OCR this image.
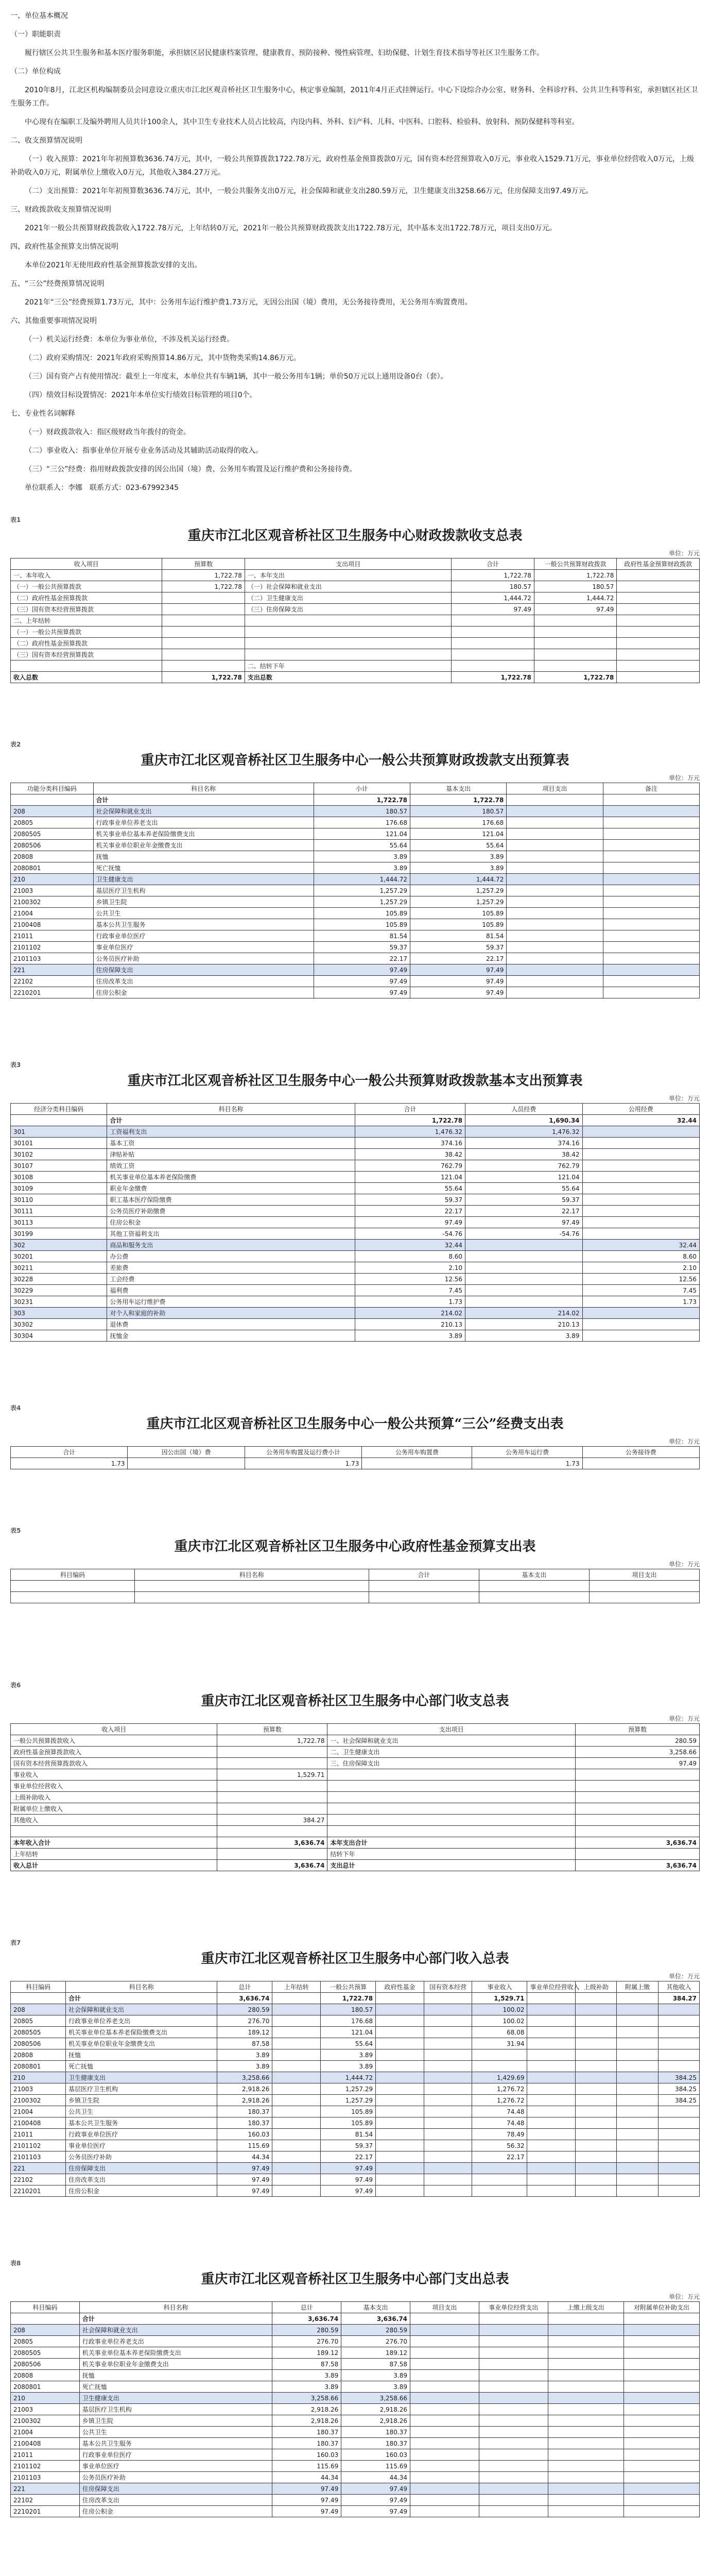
一、单位基本概况

（一）职能职责

履行辖区公共卫生服务和基本医疗服务职能，承担辖区居民健康档案管理、健康教育、预防接种、慢性病管理、妇幼保健、计划生育技术指导等社区卫生服务工作。

（二）单位构成

2010年8月，江北区机构编制委员会同意设立重庆市江北区观音桥社区卫生服务中心，核定事业编制，2011年4月正式挂牌运行。中心下设综合办公室、财务科、全科诊疗科、公共卫生科等科室，承担辖区社区卫生服务工作。

中心现有在编职工及编外聘用人员共计100余人，其中卫生专业技术人员占比较高，内设内科、外科、妇产科、儿科、中医科、口腔科、检验科、放射科、预防保健科等科室。

二、收支预算情况说明

（一）收入预算：2021年年初预算数3636.74万元，其中，一般公共预算拨款1722.78万元，政府性基金预算拨款0万元，国有资本经营预算收入0万元，事业收入1529.71万元，事业单位经营收入0万元，上级补助收入0万元，附属单位上缴收入0万元，其他收入384.27万元。

（二）支出预算：2021年年初预算数3636.74万元，其中，一般公共服务支出0万元，社会保障和就业支出280.59万元，卫生健康支出3258.66万元，住房保障支出97.49万元。

三、财政拨款收支预算情况说明

2021年一般公共预算财政拨款收入1722.78万元，上年结转0万元，2021年一般公共预算财政拨款支出1722.78万元，其中基本支出1722.78万元，项目支出0万元。

四、政府性基金预算支出情况说明

本单位2021年无使用政府性基金预算拨款安排的支出。

五、“三公”经费预算情况说明

2021年“三公”经费预算1.73万元，其中：公务用车运行维护费1.73万元，无因公出国（境）费用，无公务接待费用，无公务用车购置费用。

六、其他重要事项情况说明

（一）机关运行经费：本单位为事业单位，不涉及机关运行经费。

（二）政府采购情况：2021年政府采购预算14.86万元，其中货物类采购14.86万元。

（三）国有资产占有使用情况：截至上一年度末，本单位共有车辆1辆，其中一般公务用车1辆；单价50万元以上通用设备0台（套）。

（四）绩效目标设置情况：2021年本单位实行绩效目标管理的项目0个。

七、专业性名词解释

（一）财政拨款收入：指区级财政当年拨付的资金。

（二）事业收入：指事业单位开展专业业务活动及其辅助活动取得的收入。

（三）“三公”经费：指用财政拨款安排的因公出国（境）费、公务用车购置及运行维护费和公务接待费。

单位联系人：李娜　联系方式：023-67992345

表1
重庆市江北区观音桥社区卫生服务中心财政拨款收支总表
单位：万元
收入项目	预算数	支出项目	合计	一般公共预算财政拨款	政府性基金预算财政拨款
一、本年收入	1,722.78	一、本年支出	1,722.78	1,722.78	
（一）一般公共预算拨款	1,722.78	（一）社会保障和就业支出	180.57	180.57	
（二）政府性基金预算拨款		（二）卫生健康支出	1,444.72	1,444.72	
（三）国有资本经营预算拨款		（三）住房保障支出	97.49	97.49	
二、上年结转					
（一）一般公共预算拨款					
（二）政府性基金预算拨款					
（三）国有资本经营预算拨款					
		二、结转下年			
收入总数	1,722.78	支出总数	1,722.78	1,722.78	
表2
重庆市江北区观音桥社区卫生服务中心一般公共预算财政拨款支出预算表
单位：万元
功能分类科目编码	科目名称	小计	基本支出	项目支出	备注
	合计	1,722.78	1,722.78		
208	社会保障和就业支出	180.57	180.57		
20805	行政事业单位养老支出	176.68	176.68		
2080505	机关事业单位基本养老保险缴费支出	121.04	121.04		
2080506	机关事业单位职业年金缴费支出	55.64	55.64		
20808	抚恤	3.89	3.89		
2080801	死亡抚恤	3.89	3.89		
210	卫生健康支出	1,444.72	1,444.72		
21003	基层医疗卫生机构	1,257.29	1,257.29		
2100302	乡镇卫生院	1,257.29	1,257.29		
21004	公共卫生	105.89	105.89		
2100408	基本公共卫生服务	105.89	105.89		
21011	行政事业单位医疗	81.54	81.54		
2101102	事业单位医疗	59.37	59.37		
2101103	公务员医疗补助	22.17	22.17		
221	住房保障支出	97.49	97.49		
22102	住房改革支出	97.49	97.49		
2210201	住房公积金	97.49	97.49		
表3
重庆市江北区观音桥社区卫生服务中心一般公共预算财政拨款基本支出预算表
单位：万元
经济分类科目编码	科目名称	合计	人员经费	公用经费
	合计	1,722.78	1,690.34	32.44
301	工资福利支出	1,476.32	1,476.32	
30101	基本工资	374.16	374.16	
30102	津贴补贴	38.42	38.42	
30107	绩效工资	762.79	762.79	
30108	机关事业单位基本养老保险缴费	121.04	121.04	
30109	职业年金缴费	55.64	55.64	
30110	职工基本医疗保险缴费	59.37	59.37	
30111	公务员医疗补助缴费	22.17	22.17	
30113	住房公积金	97.49	97.49	
30199	其他工资福利支出	-54.76	-54.76	
302	商品和服务支出	32.44		32.44
30201	办公费	8.60		8.60
30211	差旅费	2.10		2.10
30228	工会经费	12.56		12.56
30229	福利费	7.45		7.45
30231	公务用车运行维护费	1.73		1.73
303	对个人和家庭的补助	214.02	214.02	
30302	退休费	210.13	210.13	
30304	抚恤金	3.89	3.89	
表4
重庆市江北区观音桥社区卫生服务中心一般公共预算“三公”经费支出表
单位：万元
合计	因公出国（境）费	公务用车购置及运行费小计	公务用车购置费	公务用车运行费	公务接待费
1.73		1.73		1.73	
表5
重庆市江北区观音桥社区卫生服务中心政府性基金预算支出表
单位：万元
科目编码	科目名称	合计	基本支出	项目支出

表6
重庆市江北区观音桥社区卫生服务中心部门收支总表
单位：万元
收入项目	预算数	支出项目	预算数
一般公共预算拨款收入	1,722.78	一、社会保障和就业支出	280.59
政府性基金预算拨款收入		二、卫生健康支出	3,258.66
国有资本经营预算拨款收入		三、住房保障支出	97.49
事业收入	1,529.71		
事业单位经营收入			
上级补助收入			
附属单位上缴收入			
其他收入	384.27		

本年收入合计	3,636.74	本年支出合计	3,636.74
上年结转		结转下年	
收入总计	3,636.74	支出总计	3,636.74
表7
重庆市江北区观音桥社区卫生服务中心部门收入总表
单位：万元
科目编码	科目名称	总计	上年结转	一般公共预算	政府性基金	国有资本经营	事业收入	事业单位经营收入	上级补助	附属上缴	其他收入
	合计	3,636.74		1,722.78			1,529.71				384.27
208	社会保障和就业支出	280.59		180.57			100.02				
20805	行政事业单位养老支出	276.70		176.68			100.02				
2080505	机关事业单位基本养老保险缴费支出	189.12		121.04			68.08				
2080506	机关事业单位职业年金缴费支出	87.58		55.64			31.94				
20808	抚恤	3.89		3.89							
2080801	死亡抚恤	3.89		3.89							
210	卫生健康支出	3,258.66		1,444.72			1,429.69				384.25
21003	基层医疗卫生机构	2,918.26		1,257.29			1,276.72				384.25
2100302	乡镇卫生院	2,918.26		1,257.29			1,276.72				384.25
21004	公共卫生	180.37		105.89			74.48				
2100408	基本公共卫生服务	180.37		105.89			74.48				
21011	行政事业单位医疗	160.03		81.54			78.49				
2101102	事业单位医疗	115.69		59.37			56.32				
2101103	公务员医疗补助	44.34		22.17			22.17				
221	住房保障支出	97.49		97.49							
22102	住房改革支出	97.49		97.49							
2210201	住房公积金	97.49		97.49							
表8
重庆市江北区观音桥社区卫生服务中心部门支出总表
单位：万元
科目编码	科目名称	总计	基本支出	项目支出	事业单位经营支出	上缴上级支出	对附属单位补助支出
	合计	3,636.74	3,636.74				
208	社会保障和就业支出	280.59	280.59				
20805	行政事业单位养老支出	276.70	276.70				
2080505	机关事业单位基本养老保险缴费支出	189.12	189.12				
2080506	机关事业单位职业年金缴费支出	87.58	87.58				
20808	抚恤	3.89	3.89				
2080801	死亡抚恤	3.89	3.89				
210	卫生健康支出	3,258.66	3,258.66				
21003	基层医疗卫生机构	2,918.26	2,918.26				
2100302	乡镇卫生院	2,918.26	2,918.26				
21004	公共卫生	180.37	180.37				
2100408	基本公共卫生服务	180.37	180.37				
21011	行政事业单位医疗	160.03	160.03				
2101102	事业单位医疗	115.69	115.69				
2101103	公务员医疗补助	44.34	44.34				
221	住房保障支出	97.49	97.49				
22102	住房改革支出	97.49	97.49				
2210201	住房公积金	97.49	97.49				
